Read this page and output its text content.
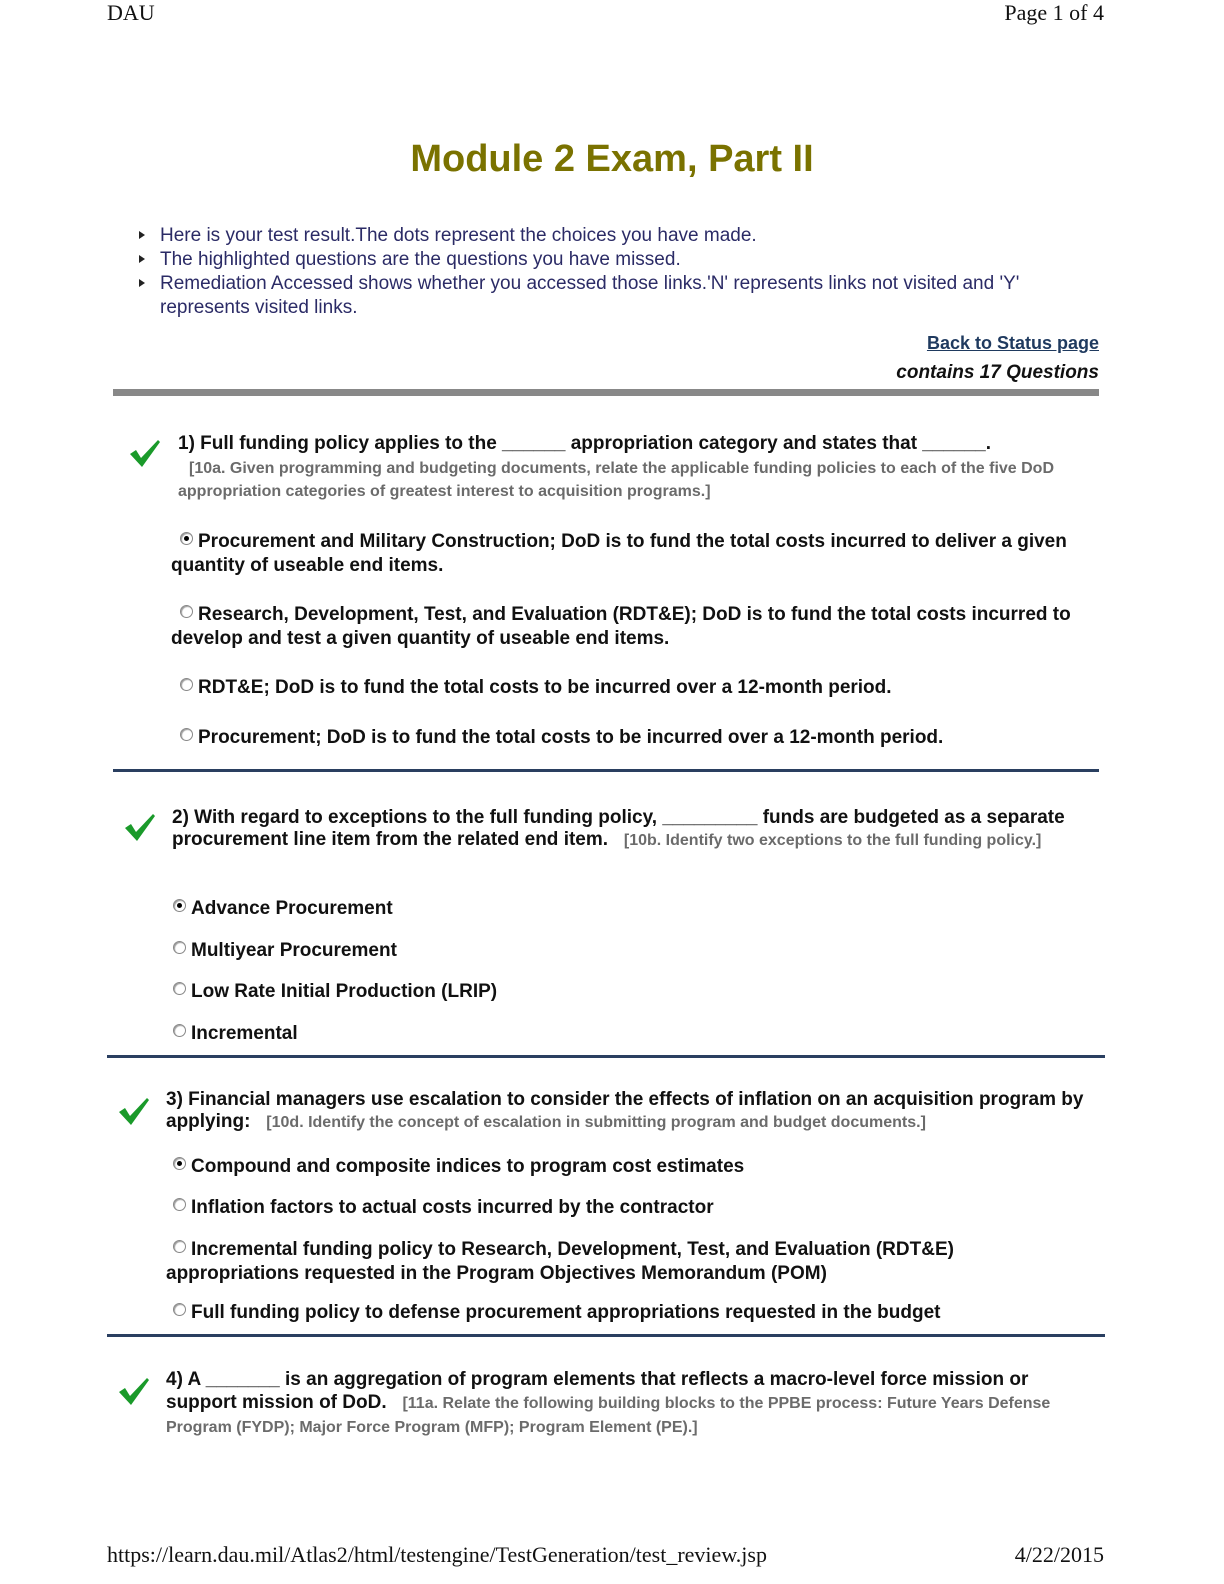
DAU	Page 1 of 4
Module 2 Exam, Part II
Here is your test result.The dots represent the choices you have made.
The highlighted questions are the questions you have missed.
Remediation Accessed shows whether you accessed those links.'N' represents links not visited and 'Y' represents visited links.
Back to Status page
contains 17 Questions
1) Full funding policy applies to the ______ appropriation category and states that ______.
[10a. Given programming and budgeting documents, relate the applicable funding policies to each of the five DoD appropriation categories of greatest interest to acquisition programs.]
Procurement and Military Construction; DoD is to fund the total costs incurred to deliver a given quantity of useable end items.
Research, Development, Test, and Evaluation (RDT&E); DoD is to fund the total costs incurred to develop and test a given quantity of useable end items.
RDT&E; DoD is to fund the total costs to be incurred over a 12-month period.
Procurement; DoD is to fund the total costs to be incurred over a 12-month period.
2) With regard to exceptions to the full funding policy, _________ funds are budgeted as a separate procurement line item from the related end item. [10b. Identify two exceptions to the full funding policy.]
Advance Procurement
Multiyear Procurement
Low Rate Initial Production (LRIP)
Incremental
3) Financial managers use escalation to consider the effects of inflation on an acquisition program by applying: [10d. Identify the concept of escalation in submitting program and budget documents.]
Compound and composite indices to program cost estimates
Inflation factors to actual costs incurred by the contractor
Incremental funding policy to Research, Development, Test, and Evaluation (RDT&E) appropriations requested in the Program Objectives Memorandum (POM)
Full funding policy to defense procurement appropriations requested in the budget
4) A _______ is an aggregation of program elements that reflects a macro-level force mission or support mission of DoD. [11a. Relate the following building blocks to the PPBE process: Future Years Defense Program (FYDP); Major Force Program (MFP); Program Element (PE).]
https://learn.dau.mil/Atlas2/html/testengine/TestGeneration/test_review.jsp	4/22/2015
